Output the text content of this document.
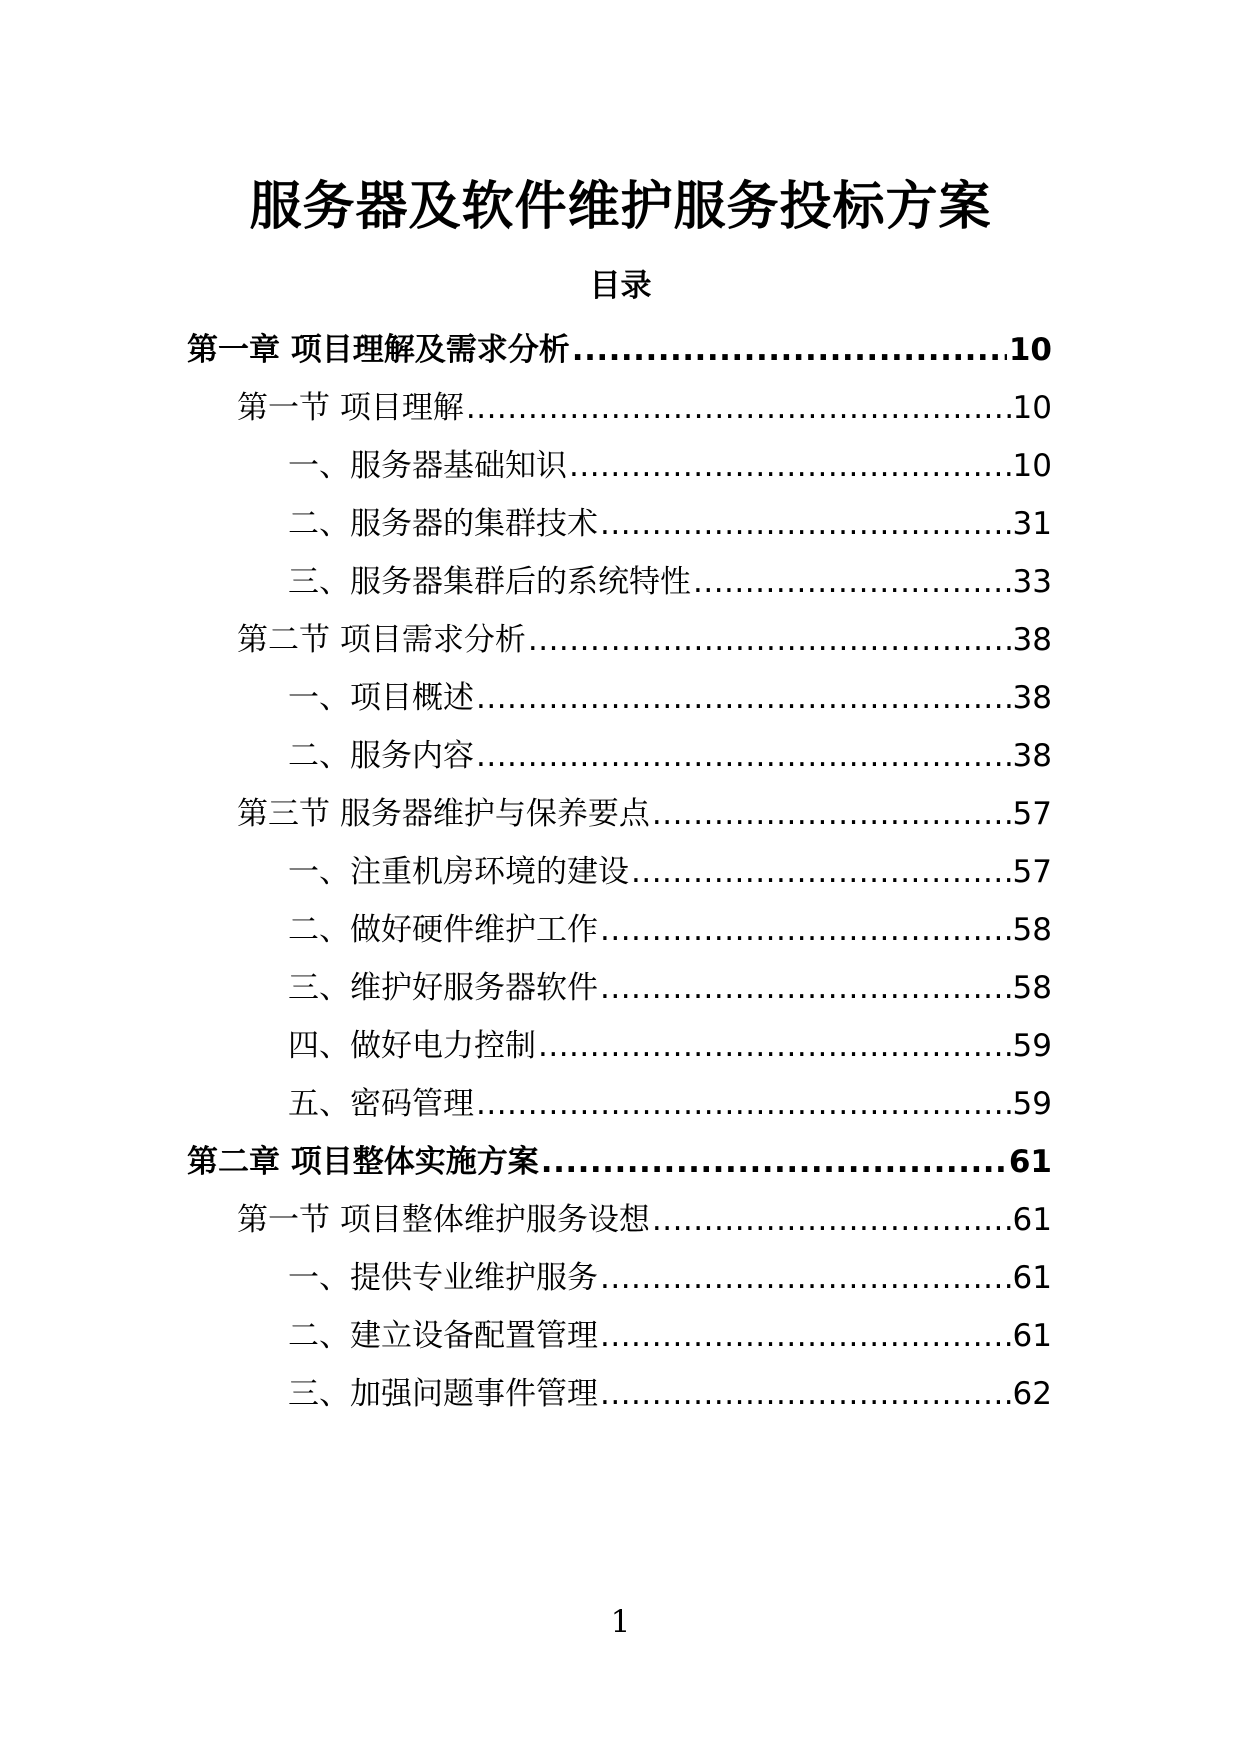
服务器及软件维护服务投标方案
目录
第一章 项目理解及需求分析 .....	10
第一节 项目理解 .....	10
一、服务器基础知识 .....	10
二、服务器的集群技术 .....	31
三、服务器集群后的系统特性 .....	33
第二节 项目需求分析 .....	38
一、项目概述 .....	38
二、服务内容 .....	38
第三节 服务器维护与保养要点 .....	57
一、注重机房环境的建设 .....	57
二、做好硬件维护工作 .....	58
三、维护好服务器软件 .....	58
四、做好电力控制 .....	59
五、密码管理 .....	59
第二章 项目整体实施方案 .....	61
第一节 项目整体维护服务设想 .....	61
一、提供专业维护服务 .....	61
二、建立设备配置管理 .....	61
三、加强问题事件管理 .....	62
1
